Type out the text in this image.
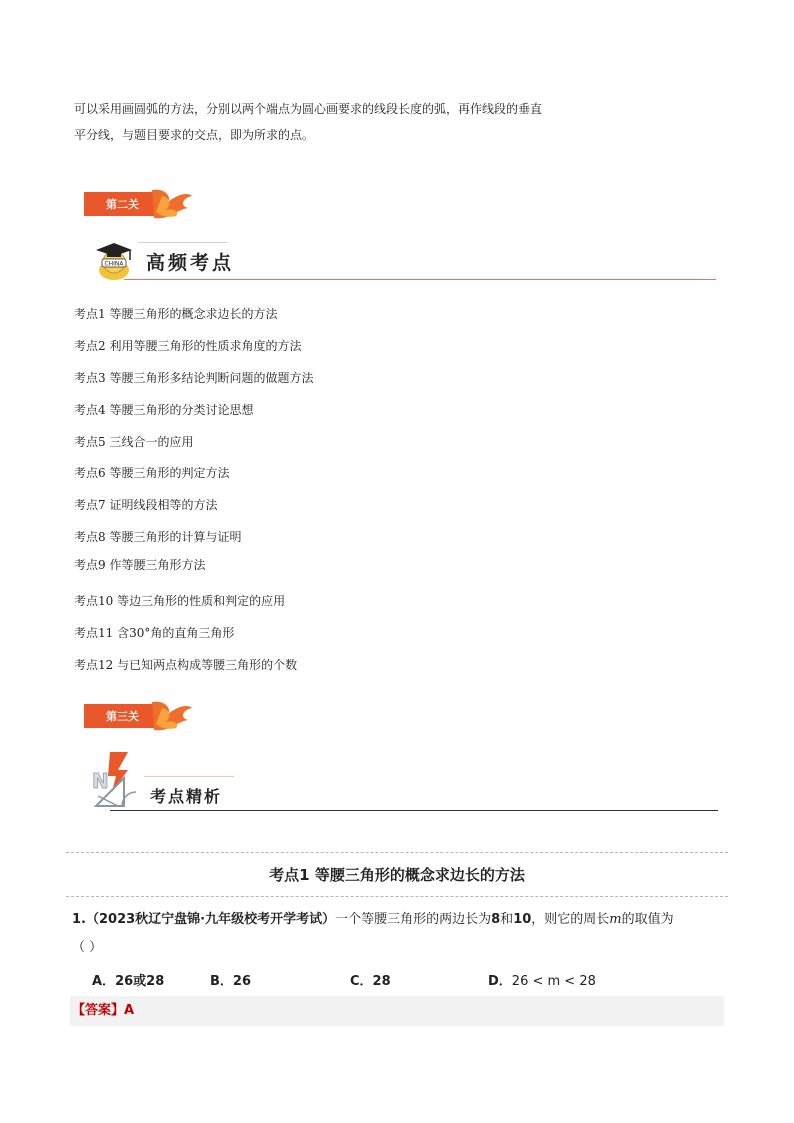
可以采用画圆弧的方法，分别以两个端点为圆心画要求的线段长度的弧，再作线段的垂直
平分线，与题目要求的交点，即为所求的点。

第二关
CHINA 高频考点
考点1 等腰三角形的概念求边长的方法
考点2 利用等腰三角形的性质求角度的方法
考点3 等腰三角形多结论判断问题的做题方法
考点4 等腰三角形的分类讨论思想
考点5 三线合一的应用
考点6 等腰三角形的判定方法
考点7 证明线段相等的方法
考点8 等腰三角形的计算与证明
考点9 作等腰三角形方法
考点10 等边三角形的性质和判定的应用
考点11 含30°角的直角三角形
考点12 与已知两点构成等腰三角形的个数
第三关
N
考点精析
考点1 等腰三角形的概念求边长的方法
1.（2023秋辽宁盘锦·九年级校考开学考试）一个等腰三角形的两边长为8和10，则它的周长m的取值为
（ ）
A．26或28	B．26	C．28	D．26 < m < 28
【答案】A
